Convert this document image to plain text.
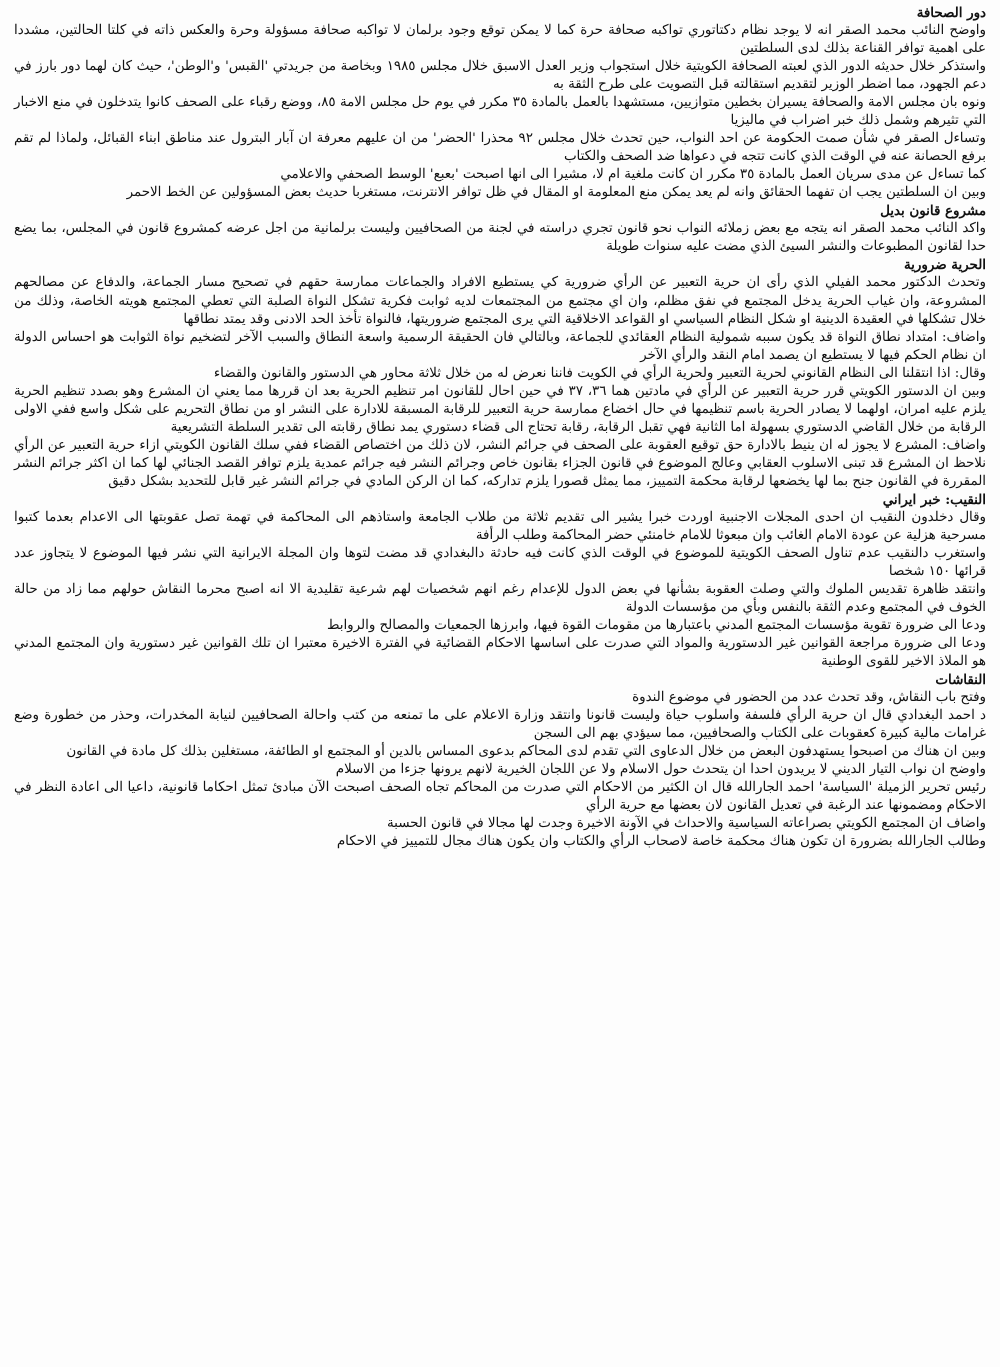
دور الصحافة

واوضح النائب محمد الصقر انه لا يوجد نظام دكتاتوري تواكبه صحافة حرة كما لا يمكن توقع وجود برلمان لا تواكبه صحافة مسؤولة وحرة والعكس ذاته في كلتا الحالتين، مشددا على اهمية توافر القناعة بذلك لدى السلطتين

واستذكر خلال حديثه الدور الذي لعبته الصحافة الكويتية خلال استجواب وزير العدل الاسبق خلال مجلس ١٩٨٥ وبخاصة من جريدتي 'القبس' و'الوطن'، حيث كان لهما دور بارز في دعم الجهود، مما اضطر الوزير لتقديم استقالته قبل التصويت على طرح الثقة به

ونوه بان مجلس الامة والصحافة يسيران بخطين متوازيين، مستشهدا بالعمل بالمادة ٣٥ مكرر في يوم حل مجلس الامة ٨٥، ووضع رقباء على الصحف كانوا يتدخلون في منع الاخبار التي تثيرهم وشمل ذلك خبر اضراب في ماليزيا

وتساءل الصقر في شأن صمت الحكومة عن احد النواب، حين تحدث خلال مجلس ٩٢ محذرا 'الحضر' من ان عليهم معرفة ان آبار البترول عند مناطق ابناء القبائل، ولماذا لم تقم برفع الحصانة عنه في الوقت الذي كانت تتجه في دعواها ضد الصحف والكتاب

كما تساءل عن مدى سريان العمل بالمادة ٣٥ مكرر ان كانت ملغية ام لا، مشيرا الى انها اصبحت 'بعبع' الوسط الصحفي والاعلامي

وبين ان السلطتين يجب ان تفهما الحقائق وانه لم يعد يمكن منع المعلومة او المقال في ظل توافر الانترنت، مستغربا حديث بعض المسؤولين عن الخط الاحمر

مشروع قانون بديل

واكد النائب محمد الصقر انه يتجه مع بعض زملائه النواب نحو قانون تجري دراسته في لجنة من الصحافيين وليست برلمانية من اجل عرضه كمشروع قانون في المجلس، بما يضع حدا لقانون المطبوعات والنشر السيئ الذي مضت عليه سنوات طويلة

الحرية ضرورية

وتحدث الدكتور محمد الفيلي الذي رأى ان حرية التعبير عن الرأي ضرورية كي يستطيع الافراد والجماعات ممارسة حقهم في تصحيح مسار الجماعة، والدفاع عن مصالحهم المشروعة، وان غياب الحرية يدخل المجتمع في نفق مظلم، وان اي مجتمع من المجتمعات لديه ثوابت فكرية تشكل النواة الصلبة التي تعطي المجتمع هويته الخاصة، وذلك من خلال تشكلها في العقيدة الدينية او شكل النظام السياسي او القواعد الاخلاقية التي يرى المجتمع ضروريتها، فالنواة تأخذ الحد الادنى وقد يمتد نطاقها

واضاف: امتداد نطاق النواة قد يكون سببه شمولية النظام العقائدي للجماعة، وبالتالي فان الحقيقة الرسمية واسعة النطاق والسبب الآخر لتضخيم نواة الثوابت هو احساس الدولة ان نظام الحكم فيها لا يستطيع ان يصمد امام النقد والرأي الآخر

وقال: اذا انتقلنا الى النظام القانوني لحرية التعبير ولحرية الرأي في الكويت فاننا نعرض له من خلال ثلاثة محاور هي الدستور والقانون والقضاء

وبين ان الدستور الكويتي قرر حرية التعبير عن الرأي في مادتين هما ٣٦، ٣٧ في حين احال للقانون امر تنظيم الحرية بعد ان قررها مما يعني ان المشرع وهو بصدد تنظيم الحرية يلزم عليه امران، اولهما لا يصادر الحرية باسم تنظيمها في حال اخضاع ممارسة حرية التعبير للرقابة المسبقة للادارة على النشر او من نطاق التحريم على شكل واسع ففي الاولى الرقابة من خلال القاضي الدستوري بسهولة اما الثانية فهي تقبل الرقابة، رقابة تحتاج الى قضاء دستوري يمد نطاق رقابته الى تقدير السلطة التشريعية

واضاف: المشرع لا يجوز له ان ينيط بالادارة حق توقيع العقوبة على الصحف في جرائم النشر، لان ذلك من اختصاص القضاء ففي سلك القانون الكويتي ازاء حرية التعبير عن الرأي نلاحظ ان المشرع قد تبنى الاسلوب العقابي وعالج الموضوع في قانون الجزاء بقانون خاص وجرائم النشر فيه جرائم عمدية يلزم توافر القصد الجنائي لها كما ان اكثر جرائم النشر المقررة في القانون جنح بما لها يخضعها لرقابة محكمة التمييز، مما يمثل قصورا يلزم تداركه، كما ان الركن المادي في جرائم النشر غير قابل للتحديد بشكل دقيق

النقيب: خبر ايراني

وقال دخلدون النقيب ان احدى المجلات الاجنبية اوردت خبرا يشير الى تقديم ثلاثة من طلاب الجامعة واستاذهم الى المحاكمة في تهمة تصل عقوبتها الى الاعدام بعدما كتبوا مسرحية هزلية عن عودة الامام الغائب وان مبعوثا للامام خامنئي حضر المحاكمة وطلب الرأفة

واستغرب دالنقيب عدم تناول الصحف الكويتية للموضوع في الوقت الذي كانت فيه حادثة دالبغدادي قد مضت لتوها وان المجلة الايرانية التي نشر فيها الموضوع لا يتجاوز عدد قرائها ١٥٠ شخصا

وانتقد ظاهرة تقديس الملوك والتي وصلت العقوبة بشأنها في بعض الدول للإعدام رغم انهم شخصيات لهم شرعية تقليدية الا انه اصبح محرما النقاش حولهم مما زاد من حالة الخوف في المجتمع وعدم الثقة بالنفس وبأي من مؤسسات الدولة

ودعا الى ضرورة تقوية مؤسسات المجتمع المدني باعتبارها من مقومات القوة فيها، وابرزها الجمعيات والمصالح والروابط

ودعا الى ضرورة مراجعة القوانين غير الدستورية والمواد التي صدرت على اساسها الاحكام القضائية في الفترة الاخيرة معتبرا ان تلك القوانين غير دستورية وان المجتمع المدني هو الملاذ الاخير للقوى الوطنية

النقاشات

وفتح باب النقاش، وقد تحدث عدد من الحضور في موضوع الندوة

د احمد البغدادي قال ان حرية الرأي فلسفة واسلوب حياة وليست قانونا وانتقد وزارة الاعلام على ما تمنعه من كتب واحالة الصحافيين لنيابة المخدرات، وحذر من خطورة وضع غرامات مالية كبيرة كعقوبات على الكتاب والصحافيين، مما سيؤدي بهم الى السجن

وبين ان هناك من اصبحوا يستهدفون البعض من خلال الدعاوى التي تقدم لدى المحاكم بدعوى المساس بالدين أو المجتمع او الطائفة، مستغلين بذلك كل مادة في القانون

واوضح ان نواب التيار الديني لا يريدون احدا ان يتحدث حول الاسلام ولا عن اللجان الخيرية لانهم يرونها جزءا من الاسلام

رئيس تحرير الزميلة 'السياسة' احمد الجارالله قال ان الكثير من الاحكام التي صدرت من المحاكم تجاه الصحف اصبحت الآن مبادئ تمثل احكاما قانونية، داعيا الى اعادة النظر في الاحكام ومضمونها عند الرغبة في تعديل القانون لان بعضها مع حرية الرأي

واضاف ان المجتمع الكويتي بصراعاته السياسية والاحداث في الآونة الاخيرة وجدت لها مجالا في قانون الحسبة

وطالب الجارالله بضرورة ان تكون هناك محكمة خاصة لاصحاب الرأي والكتاب وان يكون هناك مجال للتمييز في الاحكام
